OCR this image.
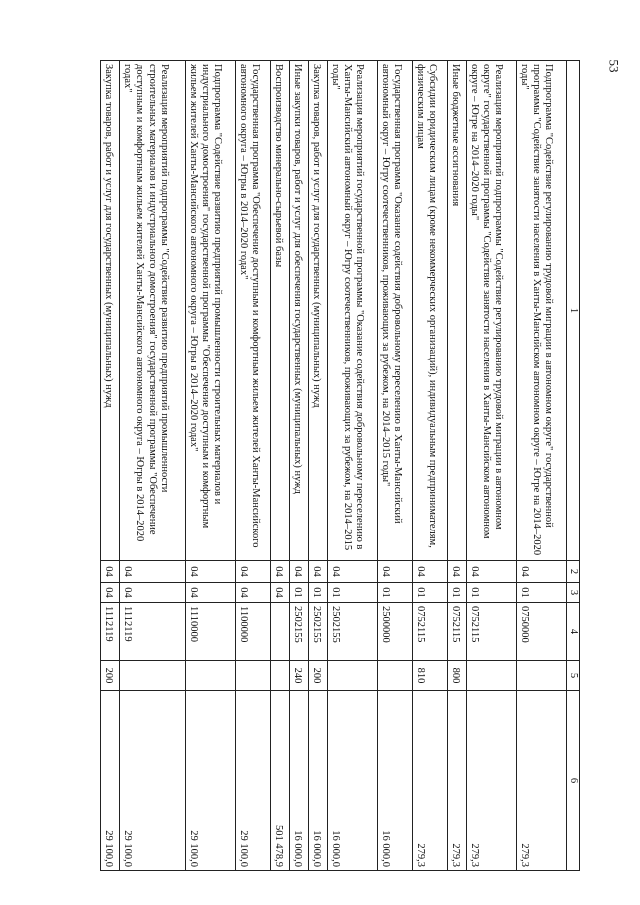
53
1	2	3	4	5	6
Подпрограмма "Содействие регулированию трудовой миграции в автономном округе" государственной программы "Содействие занятости населения в Ханты-Мансийском автономном округе – Югре на 2014–2020 годы"	04	01	0750000		279,3
Реализация мероприятий подпрограммы "Содействие регулированию трудовой миграции в автономном округе" государственной программы "Содействие занятости населения в Ханты-Мансийском автономном округе – Югре на 2014–2020 годы"	04	01	0752115		279,3
Иные бюджетные ассигнования	04	01	0752115	800	279,3
Субсидии юридическим лицам (кроме некоммерческих организаций), индивидуальным предпринимателям, физическим лицам	04	01	0752115	810	279,3
Государственная программа "Оказание содействия добровольному переселению в Ханты-Мансийский автономный округ – Югру соотечественников, проживающих за рубежом, на 2014–2015 годы"	04	01	2500000		16 000,0
Реализация мероприятий государственной программы "Оказание содействия добровольному переселению в Ханты-Мансийский автономный округ – Югру соотечественников, проживающих за рубежом, на 2014–2015 годы"	04	01	2502155		16 000,0
Закупка товаров, работ и услуг для государственных (муниципальных) нужд	04	01	2502155	200	16 000,0
Иные закупки товаров, работ и услуг для обеспечения государственных (муниципальных) нужд	04	01	2502155	240	16 000,0
Воспроизводство минерально-сырьевой базы	04	04			501 478,9
Государственная программа "Обеспечение доступным и комфортным жильем жителей Ханты-Мансийского автономного округа – Югры в 2014–2020 годах"	04	04	1100000		29 100,0
Подпрограмма "Содействие развитию предприятий промышленности строительных материалов и индустриального домостроения" государственной программы "Обеспечение доступным и комфортным жильем жителей Ханты-Мансийского автономного округа – Югры в 2014–2020 годах"	04	04	1110000		29 100,0
Реализация мероприятий подпрограммы "Содействие развитию предприятий промышленности строительных материалов и индустриального домостроения" государственной программы "Обеспечение доступным и комфортным жильем жителей Ханты-Мансийского автономного округа – Югры в 2014–2020 годах"	04	04	1112119		29 100,0
Закупка товаров, работ и услуг для государственных (муниципальных) нужд	04	04	1112119	200	29 100,0
